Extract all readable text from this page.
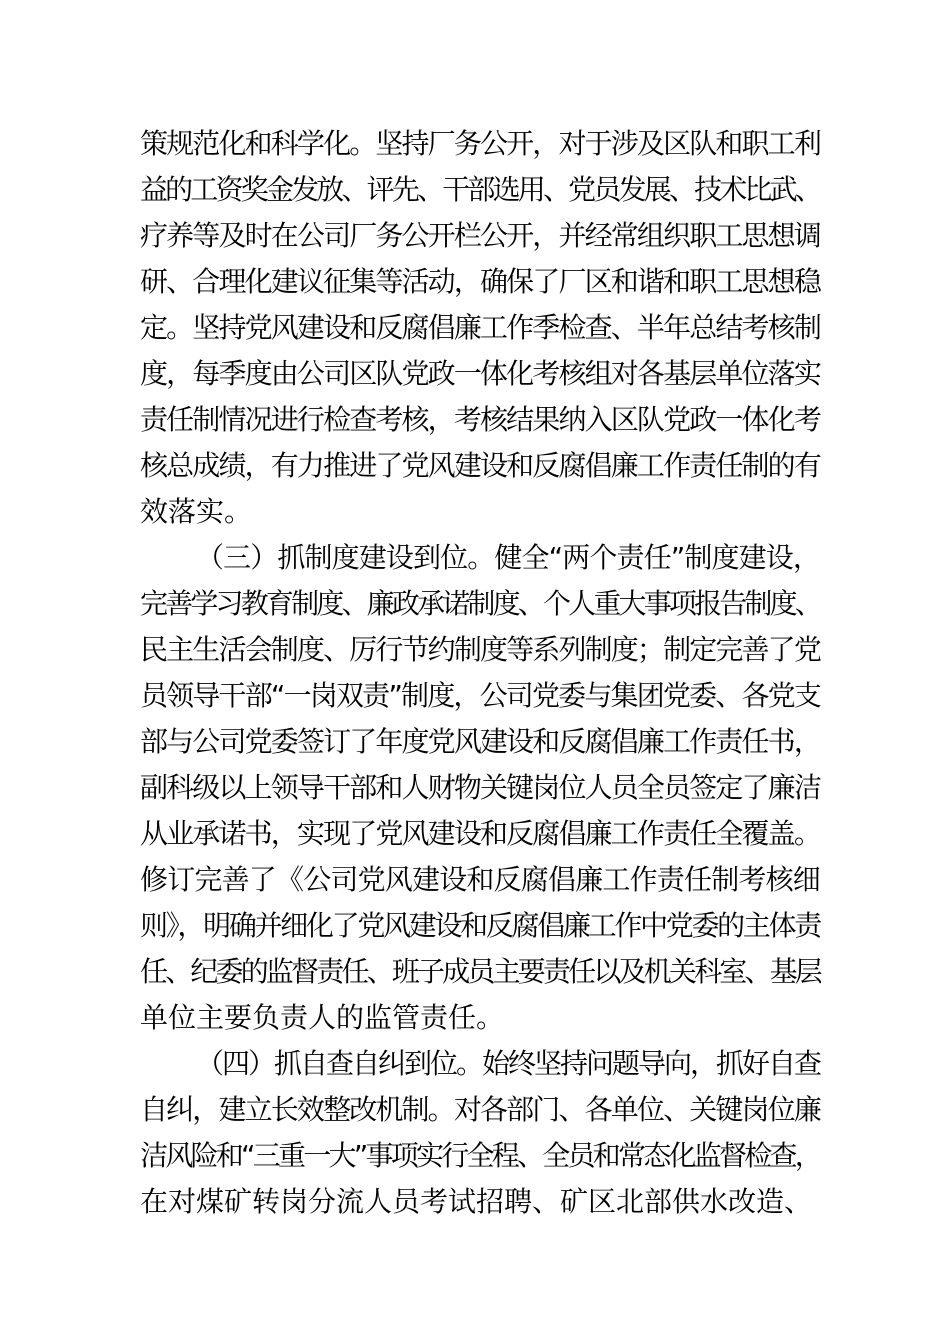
策规范化和科学化。坚持厂务公开，对于涉及区队和职工利
益的工资奖金发放、评先、干部选用、党员发展、技术比武、
疗养等及时在公司厂务公开栏公开，并经常组织职工思想调
研、合理化建议征集等活动，确保了厂区和谐和职工思想稳
定。坚持党风建设和反腐倡廉工作季检查、半年总结考核制
度，每季度由公司区队党政一体化考核组对各基层单位落实
责任制情况进行检查考核，考核结果纳入区队党政一体化考
核总成绩，有力推进了党风建设和反腐倡廉工作责任制的有
效落实。
（三）抓制度建设到位。健全“两个责任”制度建设，
完善学习教育制度、廉政承诺制度、个人重大事项报告制度、
民主生活会制度、厉行节约制度等系列制度；制定完善了党
员领导干部“一岗双责”制度，公司党委与集团党委、各党支
部与公司党委签订了年度党风建设和反腐倡廉工作责任书，
副科级以上领导干部和人财物关键岗位人员全员签定了廉洁
从业承诺书，实现了党风建设和反腐倡廉工作责任全覆盖。
修订完善了《公司党风建设和反腐倡廉工作责任制考核细
则》，明确并细化了党风建设和反腐倡廉工作中党委的主体责
任、纪委的监督责任、班子成员主要责任以及机关科室、基层
单位主要负责人的监管责任。
（四）抓自查自纠到位。始终坚持问题导向，抓好自查
自纠，建立长效整改机制。对各部门、各单位、关键岗位廉
洁风险和“三重一大”事项实行全程、全员和常态化监督检查，
在对煤矿转岗分流人员考试招聘、矿区北部供水改造、
